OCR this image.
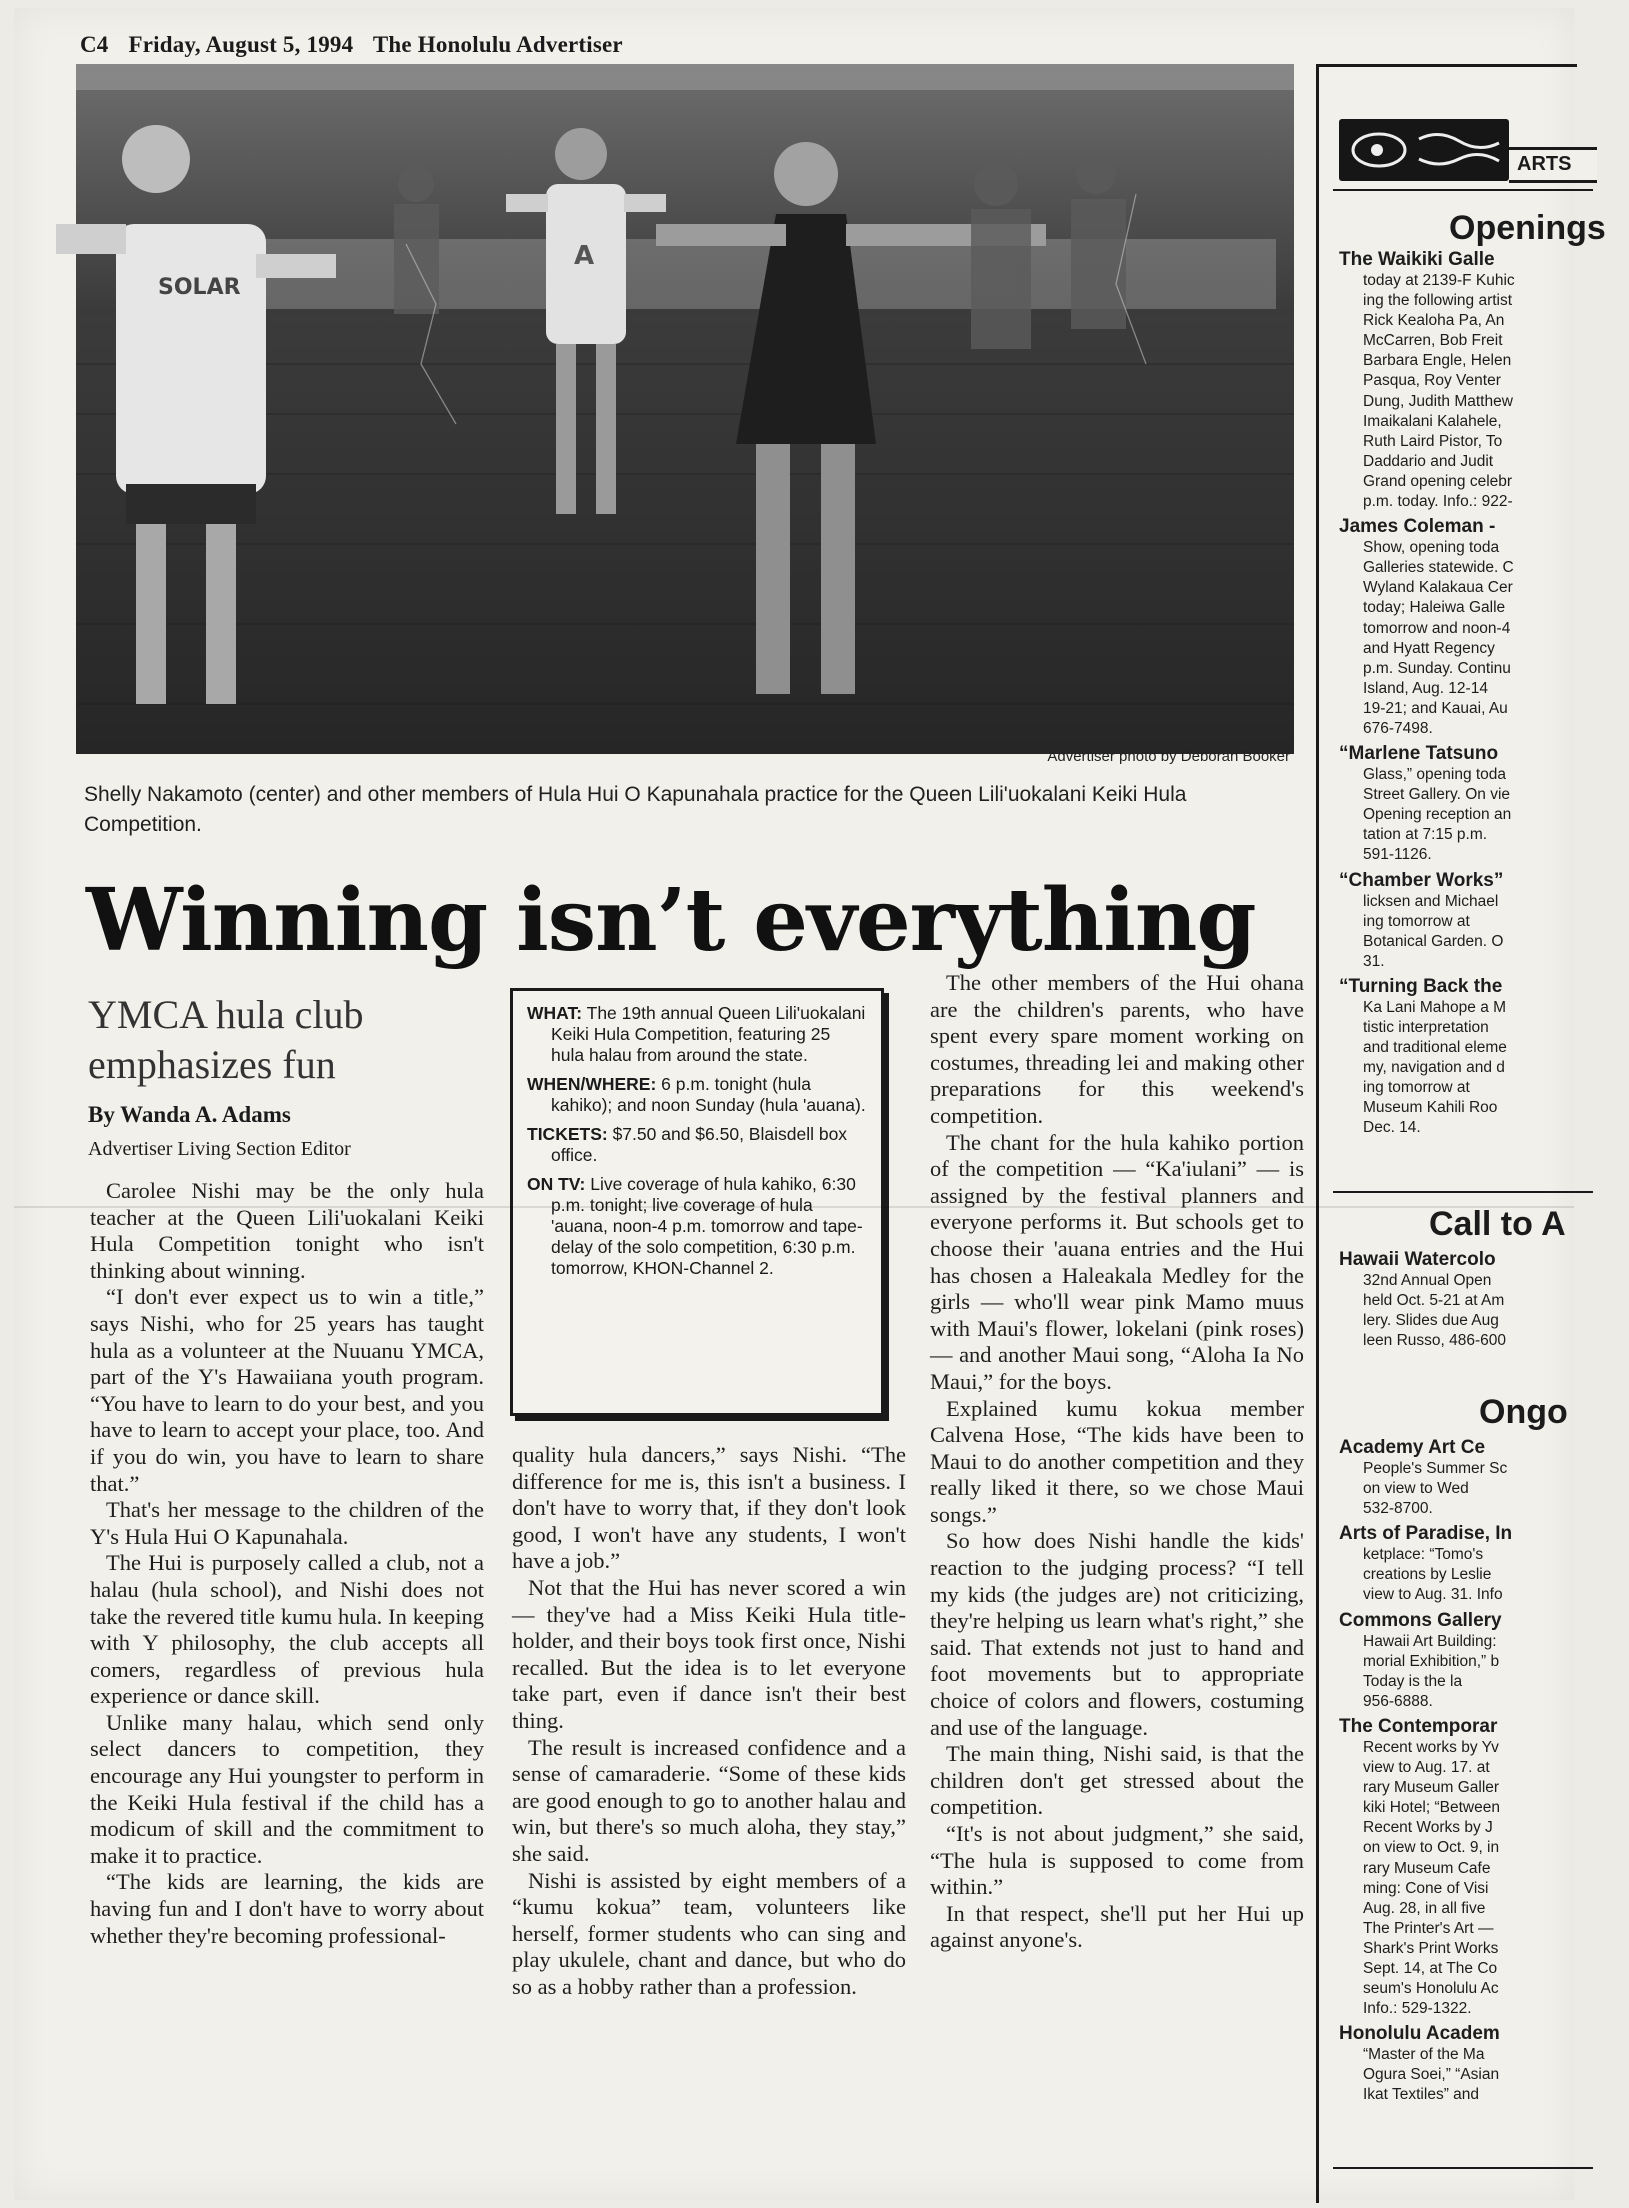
C4 Friday, August 5, 1994 The Honolulu Advertiser
SOLAR
A
Advertiser photo by Deborah Booker
Shelly Nakamoto (center) and other members of Hula Hui O Kapunahala practice for the Queen Lili'uokalani Keiki Hula Competition.
Winning isn’t everything
YMCA hula club emphasizes fun
By Wanda A. Adams
Advertiser Living Section Editor

Carolee Nishi may be the only hula teacher at the Queen Lili'uokalani Keiki Hula Competition tonight who isn't thinking about winning.

“I don't ever expect us to win a title,” says Nishi, who for 25 years has taught hula as a volunteer at the Nuuanu YMCA, part of the Y's Hawaiiana youth program. “You have to learn to do your best, and you have to learn to accept your place, too. And if you do win, you have to learn to share that.”

That's her message to the children of the Y's Hula Hui O Kapunahala.

The Hui is purposely called a club, not a halau (hula school), and Nishi does not take the revered title kumu hula. In keeping with Y philosophy, the club accepts all comers, regardless of previous hula experience or dance skill.

Unlike many halau, which send only select dancers to competition, they encourage any Hui youngster to perform in the Keiki Hula festival if the child has a modicum of skill and the commitment to make it to practice.

“The kids are learning, the kids are having fun and I don't have to worry about whether they're becoming professional-

WHAT: The 19th annual Queen Lili'uokalani Keiki Hula Competition, featuring 25 hula halau from around the state.

WHEN/WHERE: 6 p.m. tonight (hula kahiko); and noon Sunday (hula 'auana).

TICKETS: $7.50 and $6.50, Blaisdell box office.

ON TV: Live coverage of hula kahiko, 6:30 p.m. tonight; live coverage of hula 'auana, noon-4 p.m. tomorrow and tape-delay of the solo competition, 6:30 p.m. tomorrow, KHON-Channel 2.

quality hula dancers,” says Nishi. “The difference for me is, this isn't a business. I don't have to worry that, if they don't look good, I won't have any students, I won't have a job.”

Not that the Hui has never scored a win — they've had a Miss Keiki Hula title-holder, and their boys took first once, Nishi recalled. But the idea is to let everyone take part, even if dance isn't their best thing.

The result is increased confidence and a sense of camaraderie. “Some of these kids are good enough to go to another halau and win, but there's so much aloha, they stay,” she said.

Nishi is assisted by eight members of a “kumu kokua” team, volunteers like herself, former students who can sing and play ukulele, chant and dance, but who do so as a hobby rather than a profession.

The other members of the Hui ohana are the children's parents, who have spent every spare moment working on costumes, threading lei and making other preparations for this weekend's competition.

The chant for the hula kahiko portion of the competition — “Ka'iulani” — is assigned by the festival planners and everyone performs it. But schools get to choose their 'auana entries and the Hui has chosen a Haleakala Medley for the girls — who'll wear pink Mamo muus with Maui's flower, lokelani (pink roses) — and another Maui song, “Aloha Ia No Maui,” for the boys.

Explained kumu kokua member Calvena Hose, “The kids have been to Maui to do another competition and they really liked it there, so we chose Maui songs.”

So how does Nishi handle the kids' reaction to the judging process? “I tell my kids (the judges are) not criticizing, they're helping us learn what's right,” she said. That extends not just to hand and foot movements but to appropriate choice of colors and flowers, costuming and use of the language.

The main thing, Nishi said, is that the children don't get stressed about the competition.

“It's is not about judgment,” she said, “The hula is supposed to come from within.”

In that respect, she'll put her Hui up against anyone's.

ARTS
Openings
The Waikiki Galle
today at 2139-F Kuhic
ing the following artist
Rick Kealoha Pa, An
McCarren, Bob Freit
Barbara Engle, Helen
Pasqua, Roy Venter
Dung, Judith Matthew
Imaikalani Kalahele,
Ruth Laird Pistor, To
Daddario and Judit
Grand opening celebr
p.m. today. Info.: 922-
James Coleman -
Show, opening toda
Galleries statewide. C
Wyland Kalakaua Cer
today; Haleiwa Galle
tomorrow and noon-4
and Hyatt Regency
p.m. Sunday. Continu
Island, Aug. 12-14
19-21; and Kauai, Au
676-7498.
“Marlene Tatsuno
Glass,” opening toda
Street Gallery. On vie
Opening reception an
tation at 7:15 p.m.
591-1126.
“Chamber Works”
licksen and Michael
ing tomorrow at
Botanical Garden. O
31.
“Turning Back the
Ka Lani Mahope a M
tistic interpretation
and traditional eleme
my, navigation and d
ing tomorrow at
Museum Kahili Roo
Dec. 14.
Call to A
Hawaii Watercolo
32nd Annual Open
held Oct. 5-21 at Am
lery. Slides due Aug
leen Russo, 486-600
Ongo
Academy Art Ce
People's Summer Sc
on view to Wed
532-8700.
Arts of Paradise, In
ketplace: “Tomo's
creations by Leslie
view to Aug. 31. Info
Commons Gallery
Hawaii Art Building:
morial Exhibition,” b
Today is the la
956-6888.
The Contemporar
Recent works by Yv
view to Aug. 17. at
rary Museum Galler
kiki Hotel; “Between
Recent Works by J
on view to Oct. 9, in
rary Museum Cafe
ming: Cone of Visi
Aug. 28, in all five
The Printer's Art —
Shark's Print Works
Sept. 14, at The Co
seum's Honolulu Ac
Info.: 529-1322.
Honolulu Academ
“Master of the Ma
Ogura Soei,” “Asian
Ikat Textiles” and
